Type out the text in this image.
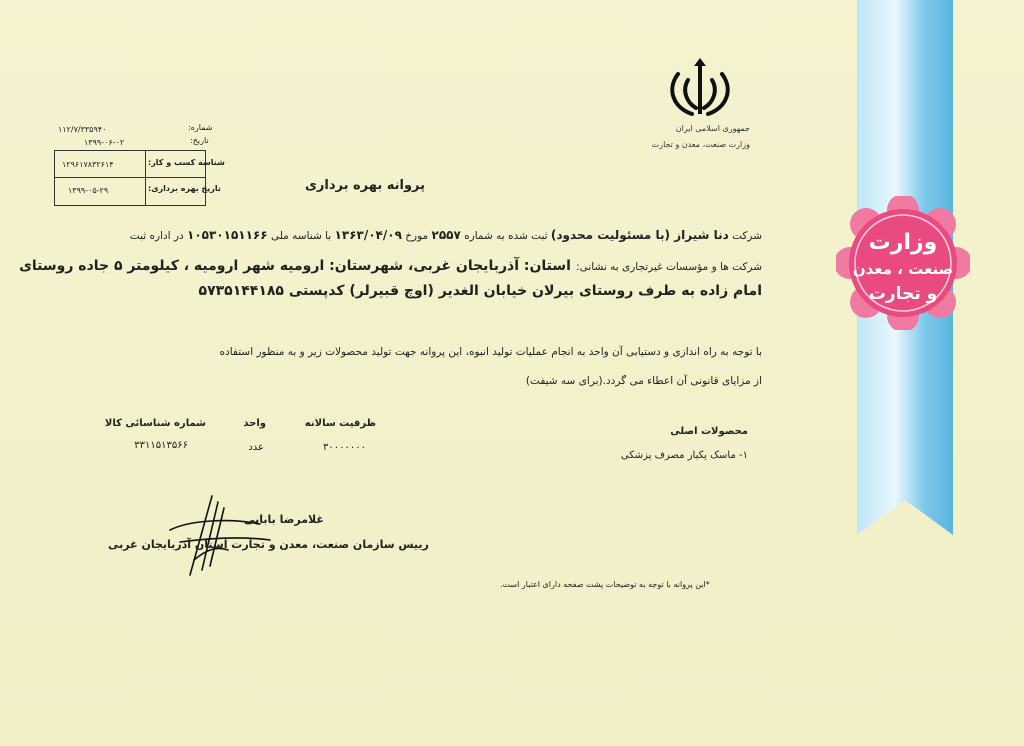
وزارت
صنعت ، معدن
و تجارت
جمهوری اسلامی ایران
وزارت صنعت، معدن و تجارت
شماره:
۱۱۲/۷/۳۳۵۹۴۰
تاریخ:
۱۳۹۹-۰۶-۰۲
شناسه کسب و کار:
۱۲۹۶۱۷۸۳۲۶۱۴
تاریخ بهره برداری:
۱۳۹۹-۰۵-۲۹	پروانه بهره برداری
شرکت دنا شیراز (با مسئولیت محدود) ثبت شده به شماره ۲۵۵۷ مورخ ۱۳۶۳/۰۴/۰۹ با شناسه ملی ۱۰۵۳۰۱۵۱۱۶۶ در اداره ثبت
شرکت ها و مؤسسات غیرتجاری به نشانی: استان: آذربایجان غربی، شهرستان: ارومیه شهر ارومیه ، کیلومتر ۵ جاده روستای
امام زاده به طرف روستای بیرلان خیابان الغدیر (اوچ قبیرلر) کدپستی ۵۷۳۵۱۴۴۱۸۵
با توجه به راه اندازی و دستیابی آن واحد به انجام عملیات تولید انبوه، این پروانه جهت تولید محصولات زیر و به منظور استفاده
از مزایای قانونی آن اعطاء می گردد.(برای سه شیفت)
محصولات اصلی
ظرفیت سالانه
واحد
شماره شناسائی کالا
۱- ماسک یکبار مصرف پزشکی
۳۰۰۰۰۰۰۰
عدد
۳۳۱۱۵۱۳۵۶۶
غلامرضا بابایی
رییس سازمان صنعت، معدن و تجارت استان آذربایجان غربی
*این پروانه با توجه به توضیحات پشت صفحه دارای اعتبار است.
